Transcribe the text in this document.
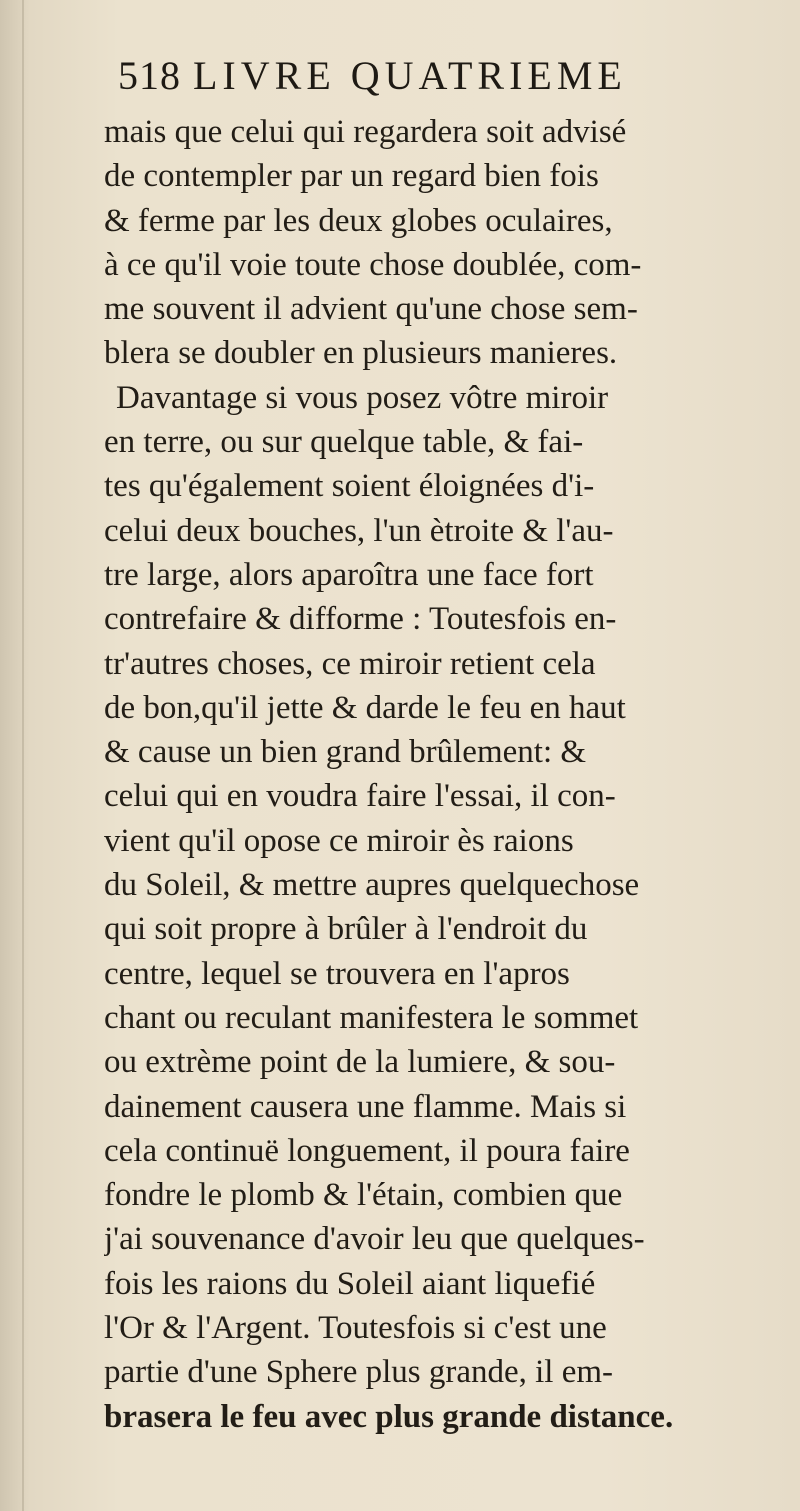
518 LIVRE QUATRIEME
mais que celui qui regardera soit advisé
de contempler par un regard bien fois
& ferme par les deux globes oculaires,
à ce qu'il voie toute chose doublée, com-
me souvent il advient qu'une chose sem-
blera se doubler en plusieurs manieres.
Davantage si vous posez vôtre miroir
en terre, ou sur quelque table, & fai-
tes qu'également soient éloignées d'i-
celui deux bouches, l'un ètroite & l'au-
tre large, alors aparoîtra une face fort
contrefaire & difforme : Toutesfois en-
tr'autres choses, ce miroir retient cela
de bon,qu'il jette & darde le feu en haut
& cause un bien grand brûlement: &
celui qui en voudra faire l'essai, il con-
vient qu'il opose ce miroir ès raions
du Soleil, & mettre aupres quelquechose
qui soit propre à brûler à l'endroit du
centre, lequel se trouvera en l'apros
chant ou reculant manifestera le sommet
ou extrème point de la lumiere, & sou-
dainement causera une flamme. Mais si
cela continuë longuement, il poura faire
fondre le plomb & l'étain, combien que
j'ai souvenance d'avoir leu que quelques-
fois les raions du Soleil aiant liquefié
l'Or & l'Argent. Toutesfois si c'est une
partie d'une Sphere plus grande, il em-
brasera le feu avec plus grande distance.
